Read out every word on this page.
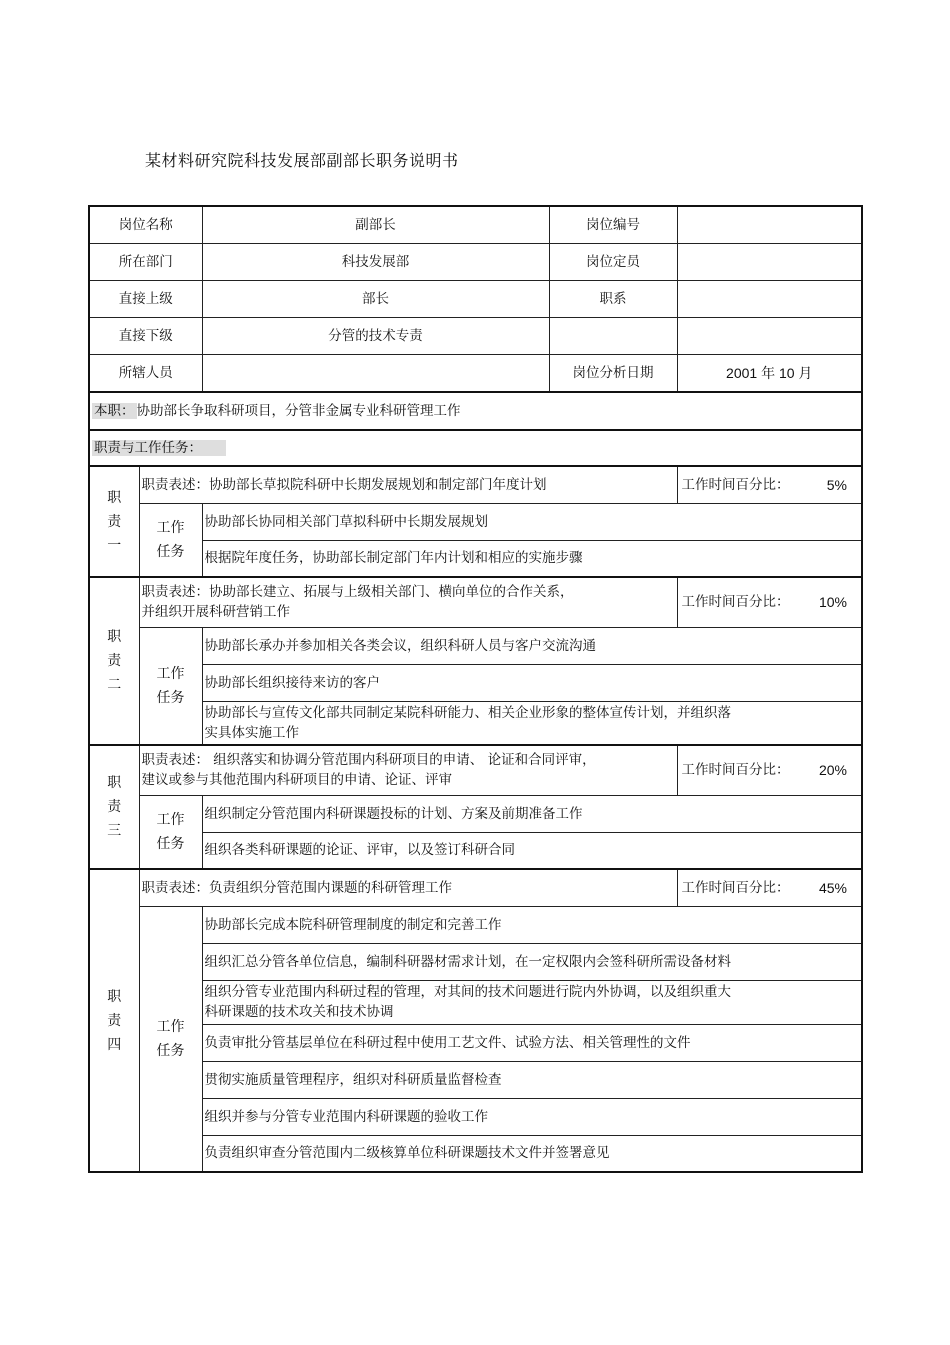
某材料研究院科技发展部副部长职务说明书
岗位名称		副部长 岗位编号	

所在部门		科技发展部 岗位定员	

直接上级		部长 职系	

直接下级		分管的技术专责	

所辖人员		岗位分析日期	2001 年 10 月
本职： 协助部长争取科研项目，分管非金属专业科研管理工作			
职责与工作任务：			
职
责
一	职责表述：协助部长草拟院科研中长期发展规划和制定部门年度计划		工作时间百分比： 5%

	工作
任务	协助部长协同相关部门草拟科研中长期发展规划	
		根据院年度任务，协助部长制定部门年内计划和相应的实施步骤	
职
责
二	职责表述：协助部长建立、拓展与上级相关部门、横向单位的合作关系，
并组织开展科研营销工作		工作时间百分比： 10%

	工作
任务	协助部长承办并参加相关各类会议，组织科研人员与客户交流沟通	
		协助部长组织接待来访的客户	
		协助部长与宣传文化部共同制定某院科研能力、相关企业形象的整体宣传计划，并组织落
实具体实施工作	
职
责
三	职责表述： 组织落实和协调分管范围内科研项目的申请、 论证和合同评审，
建议或参与其他范围内科研项目的申请、论证、评审		工作时间百分比： 20%

	工作
任务	组织制定分管范围内科研课题投标的计划、方案及前期准备工作	
		组织各类科研课题的论证、评审，以及签订科研合同	
职
责
四	职责表述：负责组织分管范围内课题的科研管理工作		工作时间百分比： 45%

	工作
任务	协助部长完成本院科研管理制度的制定和完善工作	
		组织汇总分管各单位信息，编制科研器材需求计划，在一定权限内会签科研所需设备材料	
		组织分管专业范围内科研过程的管理，对其间的技术问题进行院内外协调，以及组织重大
科研课题的技术攻关和技术协调	
		负责审批分管基层单位在科研过程中使用工艺文件、试验方法、相关管理性的文件	
		贯彻实施质量管理程序，组织对科研质量监督检查	
		组织并参与分管专业范围内科研课题的验收工作	
		负责组织审查分管范围内二级核算单位科研课题技术文件并签署意见	
